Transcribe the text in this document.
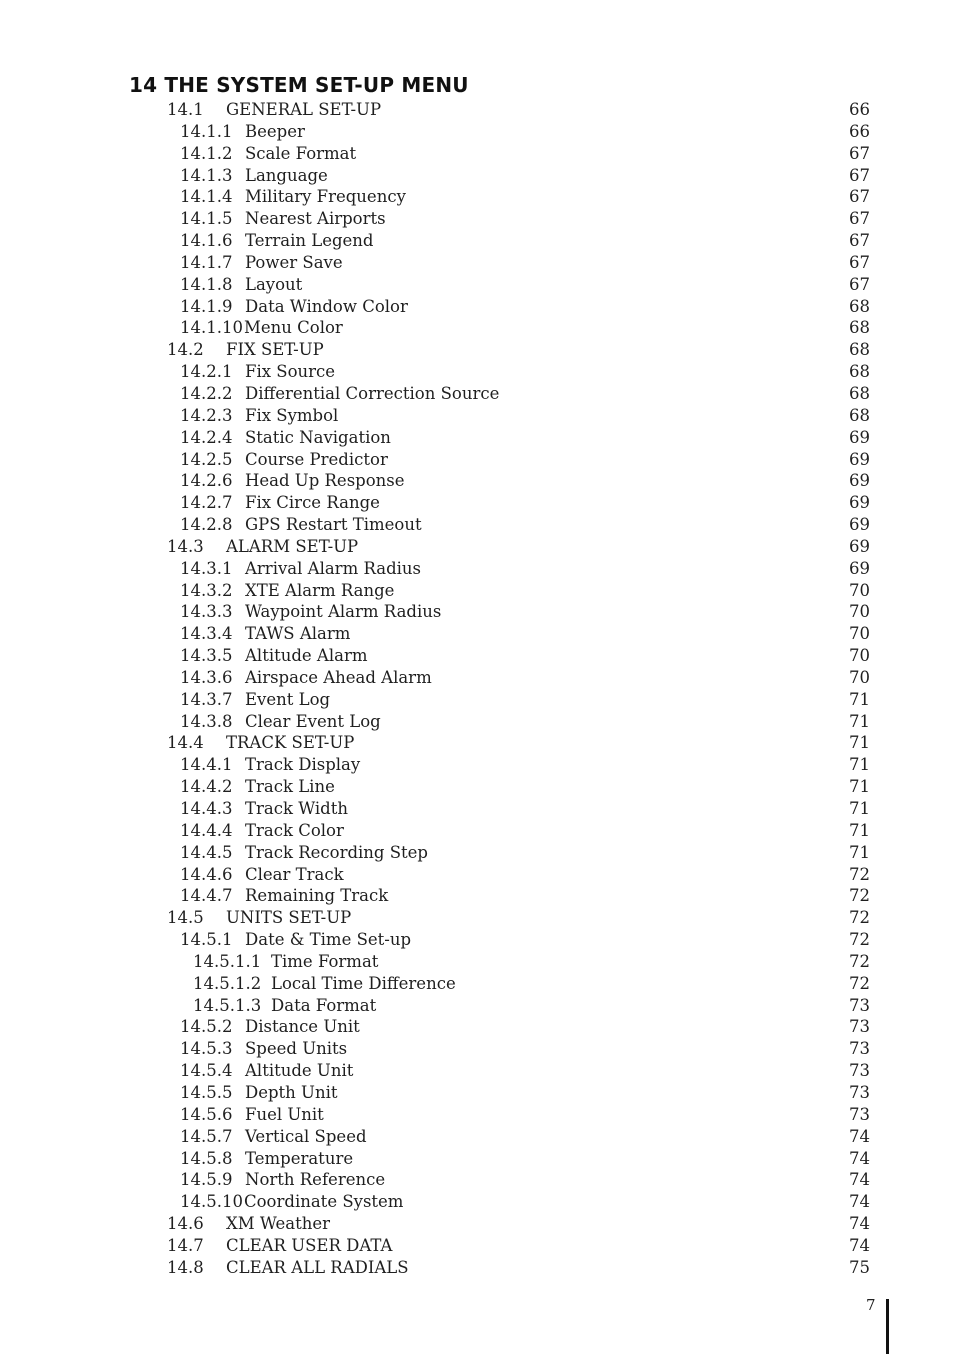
14 THE SYSTEM SET-UP MENU
14.1 GENERAL SET-UP	66
14.1.1 Beeper	66
14.1.2 Scale Format	67
14.1.3 Language	67
14.1.4 Military Frequency	67
14.1.5 Nearest Airports	67
14.1.6 Terrain Legend	67
14.1.7 Power Save	67
14.1.8 Layout	67
14.1.9 Data Window Color	68
14.1.10 Menu Color	68
14.2 FIX SET-UP	68
14.2.1 Fix Source	68
14.2.2 Differential Correction Source	68
14.2.3 Fix Symbol	68
14.2.4 Static Navigation	69
14.2.5 Course Predictor	69
14.2.6 Head Up Response	69
14.2.7 Fix Circe Range	69
14.2.8 GPS Restart Timeout	69
14.3 ALARM SET-UP	69
14.3.1 Arrival Alarm Radius	69
14.3.2 XTE Alarm Range	70
14.3.3 Waypoint Alarm Radius	70
14.3.4 TAWS Alarm	70
14.3.5 Altitude Alarm	70
14.3.6 Airspace Ahead Alarm	70
14.3.7 Event Log	71
14.3.8 Clear Event Log	71
14.4 TRACK SET-UP	71
14.4.1 Track Display	71
14.4.2 Track Line	71
14.4.3 Track Width	71
14.4.4 Track Color	71
14.4.5 Track Recording Step	71
14.4.6 Clear Track	72
14.4.7 Remaining Track	72
14.5 UNITS SET-UP	72
14.5.1 Date & Time Set-up	72
14.5.1.1 Time Format	72
14.5.1.2 Local Time Difference	72
14.5.1.3 Data Format	73
14.5.2 Distance Unit	73
14.5.3 Speed Units	73
14.5.4 Altitude Unit	73
14.5.5 Depth Unit	73
14.5.6 Fuel Unit	73
14.5.7 Vertical Speed	74
14.5.8 Temperature	74
14.5.9 North Reference	74
14.5.10 Coordinate System	74
14.6 XM Weather	74
14.7 CLEAR USER DATA	74
14.8 CLEAR ALL RADIALS	75
7
